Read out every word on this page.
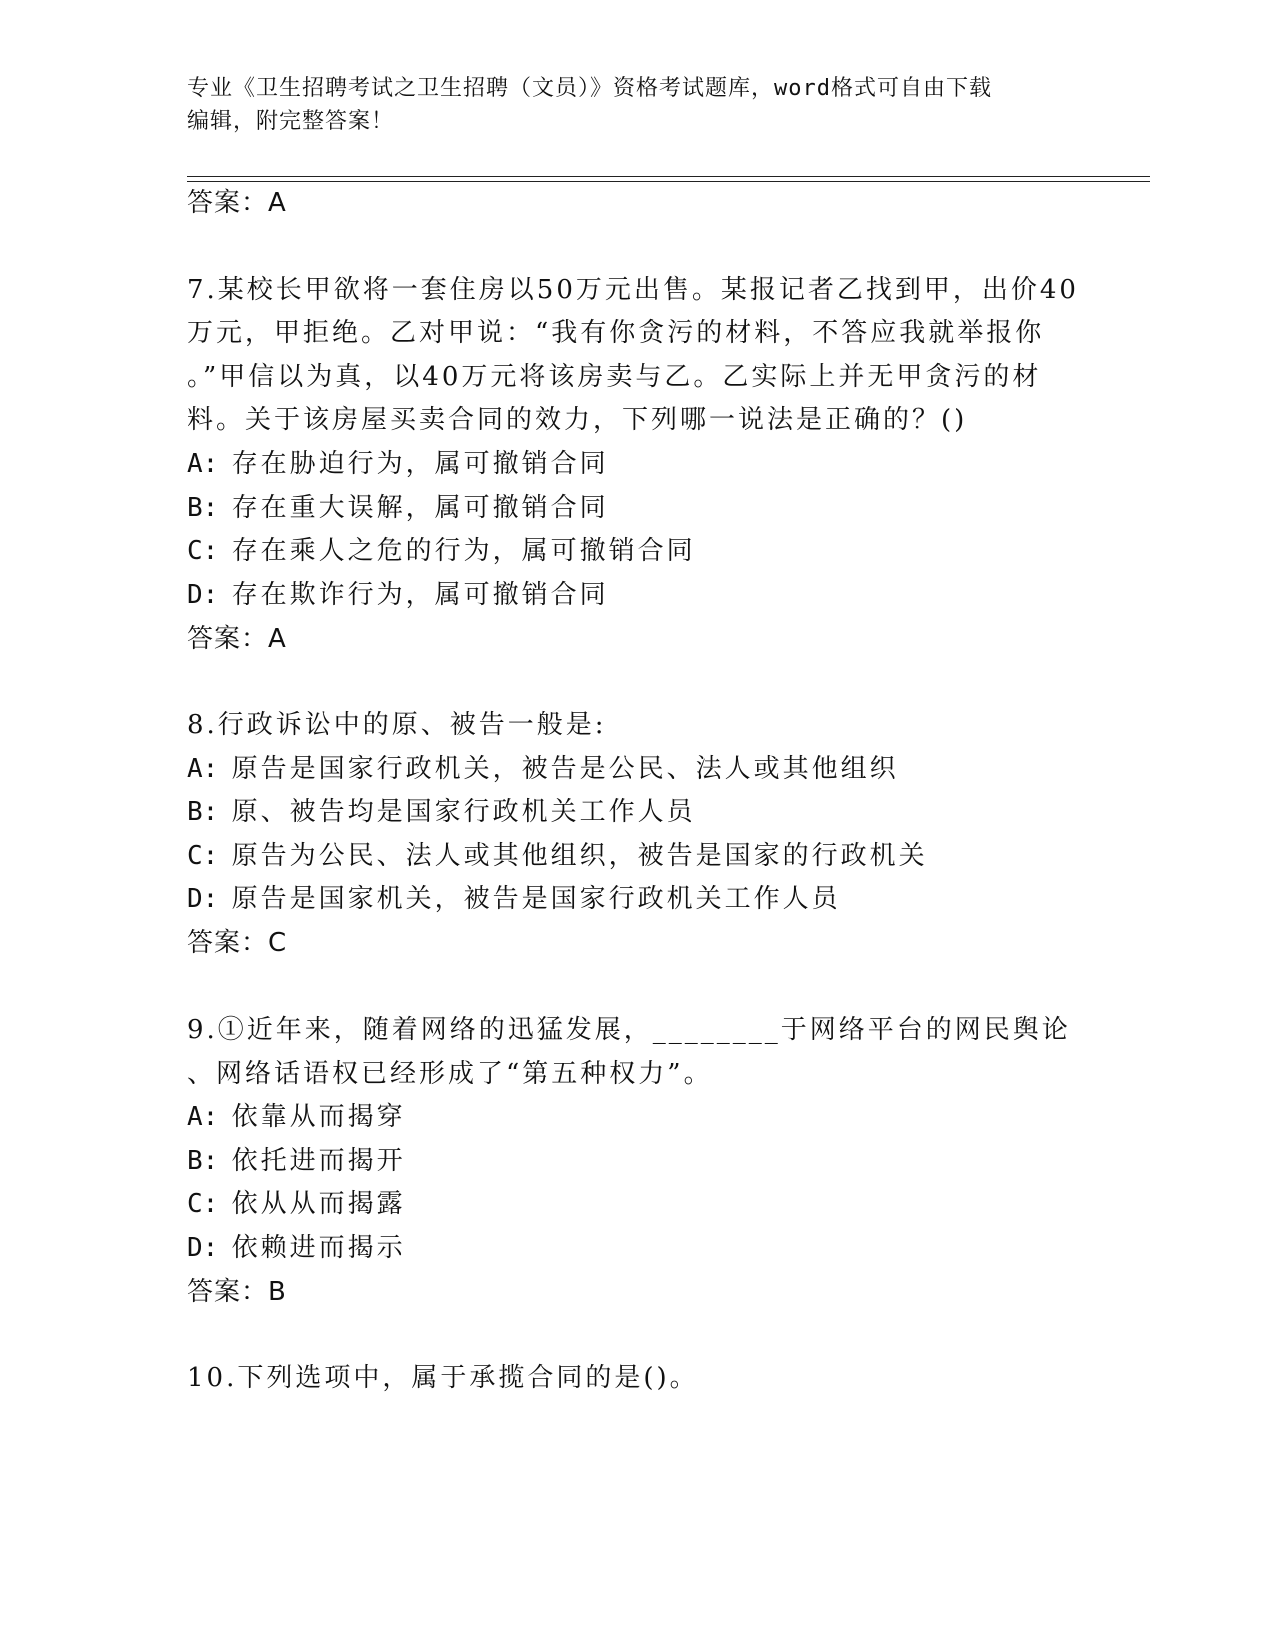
专业《卫生招聘考试之卫生招聘（文员）》资格考试题库，word格式可自由下载
编辑，附完整答案！
答案：A
7.某校长甲欲将一套住房以50万元出售。某报记者乙找到甲，出价40
万元，甲拒绝。乙对甲说：“我有你贪污的材料，不答应我就举报你
。”甲信以为真，以40万元将该房卖与乙。乙实际上并无甲贪污的材
料。关于该房屋买卖合同的效力，下列哪一说法是正确的？()
A: 存在胁迫行为，属可撤销合同
B: 存在重大误解，属可撤销合同
C: 存在乘人之危的行为，属可撤销合同
D: 存在欺诈行为，属可撤销合同
答案：A
8.行政诉讼中的原、被告一般是:
A: 原告是国家行政机关，被告是公民、法人或其他组织
B: 原、被告均是国家行政机关工作人员
C: 原告为公民、法人或其他组织，被告是国家的行政机关
D: 原告是国家机关，被告是国家行政机关工作人员
答案：C
9.①近年来，随着网络的迅猛发展，________于网络平台的网民舆论
、网络话语权已经形成了“第五种权力”。
A: 依靠从而揭穿
B: 依托进而揭开
C: 依从从而揭露
D: 依赖进而揭示
答案：B
10.下列选项中，属于承揽合同的是()。
